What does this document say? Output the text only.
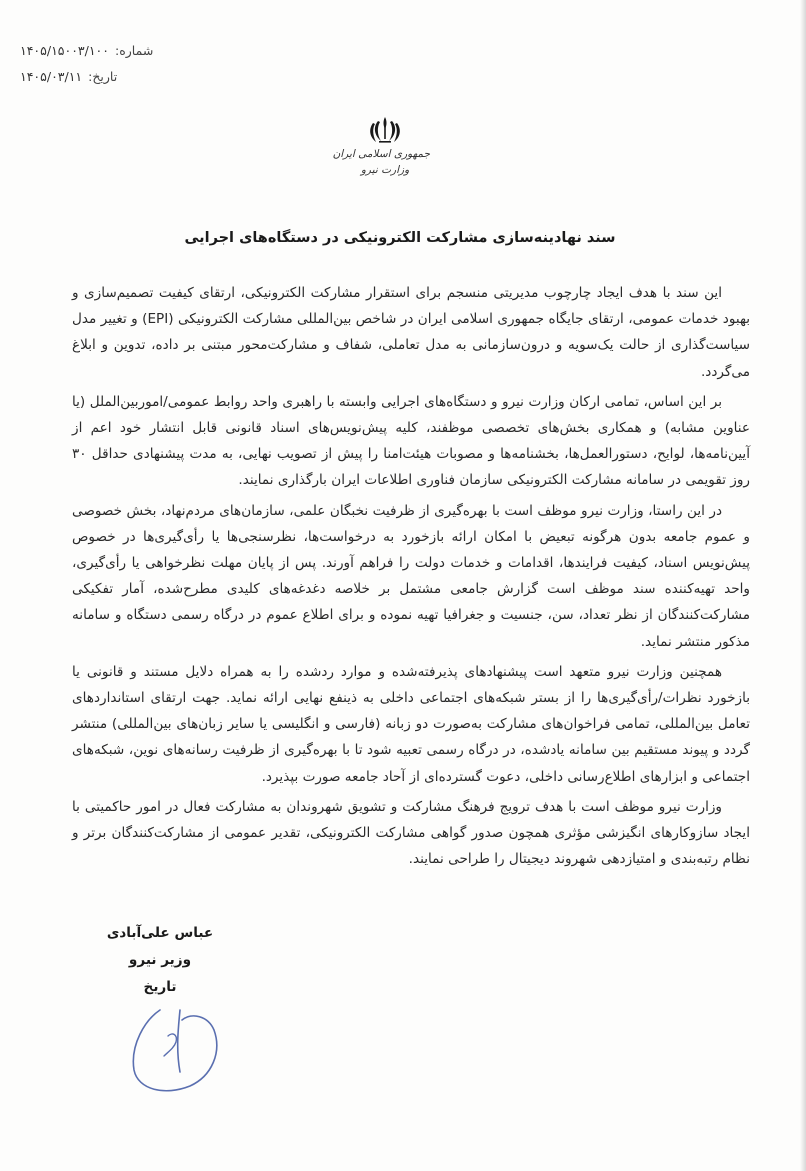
شماره:
۱۴۰۵/۱۵۰۰۳/۱۰۰
تاریخ:
۱۴۰۵/۰۳/۱۱
جمهوری اسلامی ایران
وزارت نیرو
سند نهادینه‌سازی مشارکت الکترونیکی در دستگاه‌های اجرایی

این سند با هدف ایجاد چارچوب مدیریتی منسجم برای استقرار مشارکت الکترونیکی، ارتقای کیفیت تصمیم‌سازی و بهبود خدمات عمومی، ارتقای جایگاه جمهوری اسلامی ایران در شاخص بین‌المللی مشارکت الکترونیکی (EPI) و تغییر مدل سیاست‌گذاری از حالت یک‌سویه و درون‌سازمانی به مدل تعاملی، شفاف و مشارکت‌محور مبتنی بر داده، تدوین و ابلاغ می‌گردد.

بر این اساس، تمامی ارکان وزارت نیرو و دستگاه‌های اجرایی وابسته با راهبری واحد روابط عمومی/اموربین‌الملل (یا عناوین مشابه) و همکاری بخش‌های تخصصی موظفند، کلیه پیش‌نویس‌های اسناد قانونی قابل انتشار خود اعم از آیین‌نامه‌ها، لوایح، دستورالعمل‌ها، بخشنامه‌ها و مصوبات هیئت‌امنا را پیش از تصویب نهایی، به مدت پیشنهادی حداقل ۳۰ روز تقویمی در سامانه مشارکت الکترونیکی سازمان فناوری اطلاعات ایران بارگذاری نمایند.

در این راستا، وزارت نیرو موظف است با بهره‌گیری از ظرفیت نخبگان علمی، سازمان‌های مردم‌نهاد، بخش خصوصی و عموم جامعه بدون هرگونه تبعیض با امکان ارائه بازخورد به درخواست‌ها، نظرسنجی‌ها یا رأی‌گیری‌ها در خصوص پیش‌نویس اسناد، کیفیت فرایندها، اقدامات و خدمات دولت را فراهم آورند. پس از پایان مهلت نظرخواهی یا رأی‌گیری، واحد تهیه‌کننده سند موظف است گزارش جامعی مشتمل بر خلاصه دغدغه‌های کلیدی مطرح‌شده، آمار تفکیکی مشارکت‌کنندگان از نظر تعداد، سن، جنسیت و جغرافیا تهیه نموده و برای اطلاع عموم در درگاه رسمی دستگاه و سامانه مذکور منتشر نماید.

همچنین وزارت نیرو متعهد است پیشنهادهای پذیرفته‌شده و موارد ردشده را به همراه دلایل مستند و قانونی یا بازخورد نظرات/رأی‌گیری‌ها را از بستر شبکه‌های اجتماعی داخلی به ذینفع نهایی ارائه نماید. جهت ارتقای استانداردهای تعامل بین‌المللی، تمامی فراخوان‌های مشارکت به‌صورت دو زبانه (فارسی و انگلیسی یا سایر زبان‌های بین‌المللی) منتشر گردد و پیوند مستقیم بین سامانه یادشده، در درگاه رسمی تعبیه شود تا با بهره‌گیری از ظرفیت رسانه‌های نوین، شبکه‌های اجتماعی و ابزارهای اطلاع‌رسانی داخلی، دعوت گسترده‌ای از آحاد جامعه صورت بپذیرد.

وزارت نیرو موظف است با هدف ترویج فرهنگ مشارکت و تشویق شهروندان به مشارکت فعال در امور حاکمیتی با ایجاد سازوکارهای انگیزشی مؤثری همچون صدور گواهی مشارکت الکترونیکی، تقدیر عمومی از مشارکت‌کنندگان برتر و نظام رتبه‌بندی و امتیازدهی شهروند دیجیتال را طراحی نمایند.

عباس علی‌آبادی
وزیر نیرو
تاریخ
